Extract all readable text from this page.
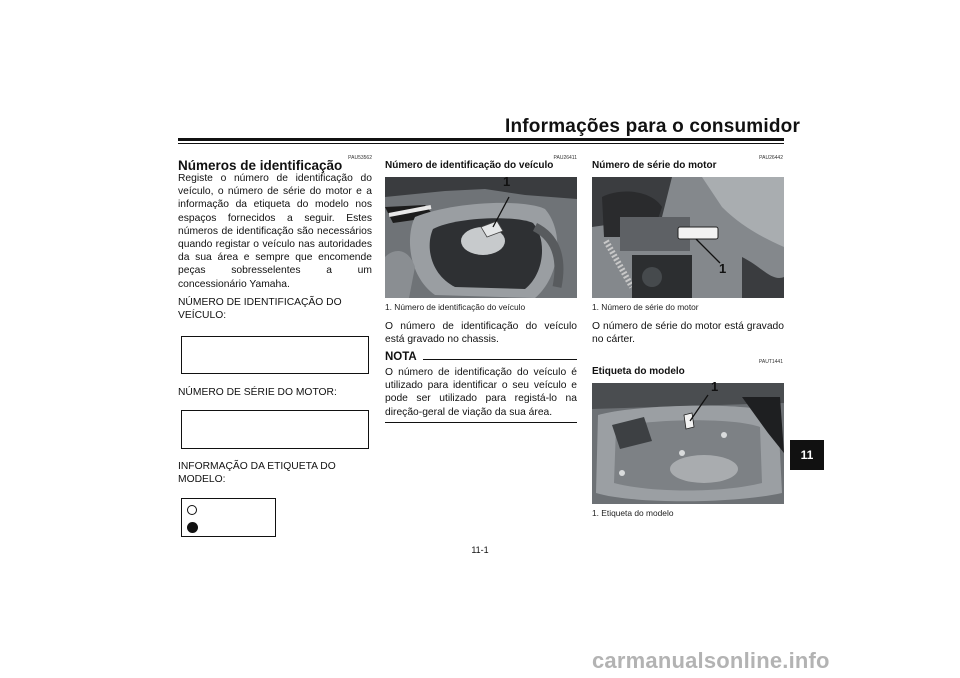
Informações para o consumidor
PAU53562
Números de identificação

Registe o número de identificação do veículo, o número de série do motor e a informação da etiqueta do modelo nos espaços fornecidos a seguir. Estes números de identificação são necessários quando registar o veículo nas autoridades da sua área e sempre que encomende peças sobresselentes a um concessionário Yamaha.

NÚMERO DE IDENTIFICAÇÃO DO
VEÍCULO:
NÚMERO DE SÉRIE DO MOTOR:
INFORMAÇÃO DA ETIQUETA DO
MODELO:
PAU26411
Número de identificação do veículo
1
1. Número de identificação do veículo

O número de identificação do veículo está gravado no chassis.

NOTA

O número de identificação do veículo é utilizado para identificar o seu veículo e pode ser utilizado para registá-lo na direção-geral de viação da sua área.

PAU26442
Número de série do motor
1
1. Número de série do motor

O número de série do motor está gravado no cárter.

PAUT1441
Etiqueta do modelo
1
1. Etiqueta do modelo
11
11-1
carmanualsonline.info
